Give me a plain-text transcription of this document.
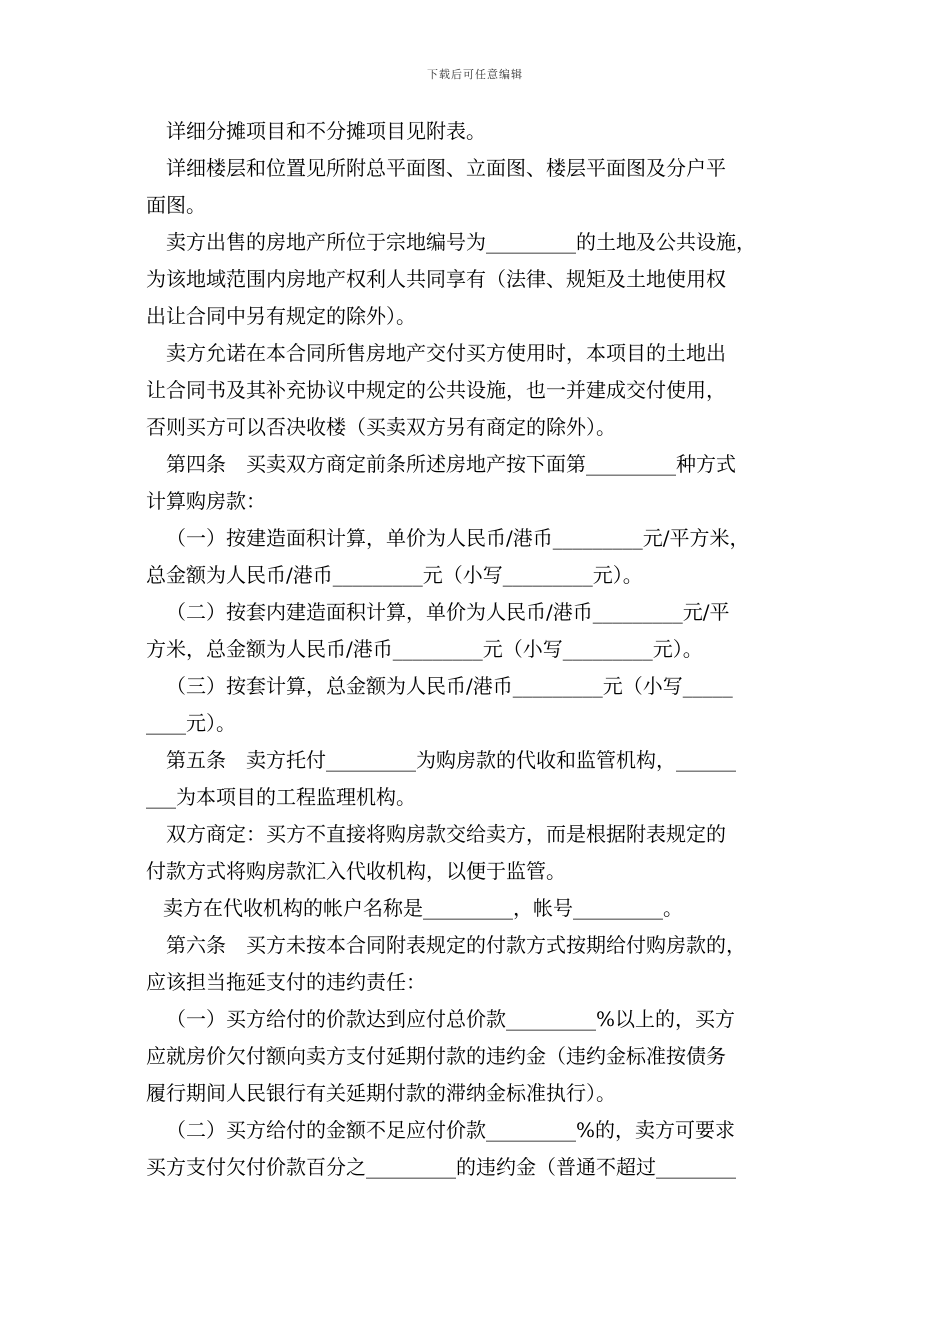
下载后可任意编辑
详细分摊项目和不分摊项目见附表。
详细楼层和位置见所附总平面图、立面图、楼层平面图及分户平
面图。
卖方出售的房地产所位于宗地编号为_________的土地及公共设施，
为该地域范围内房地产权利人共同享有（法律、规矩及土地使用权
出让合同中另有规定的除外）。
卖方允诺在本合同所售房地产交付买方使用时，本项目的土地出
让合同书及其补充协议中规定的公共设施，也一并建成交付使用，
否则买方可以否决收楼（买卖双方另有商定的除外）。
第四条　买卖双方商定前条所述房地产按下面第_________种方式
计算购房款：
（一）按建造面积计算，单价为人民币/港币_________元/平方米，
总金额为人民币/港币_________元（小写_________元）。
（二）按套内建造面积计算，单价为人民币/港币_________元/平
方米，总金额为人民币/港币_________元（小写_________元）。
（三）按套计算，总金额为人民币/港币_________元（小写_____
____元）。
第五条　卖方托付_________为购房款的代收和监管机构，______
___为本项目的工程监理机构。
双方商定：买方不直接将购房款交给卖方，而是根据附表规定的
付款方式将购房款汇入代收机构，以便于监管。
卖方在代收机构的帐户名称是_________，帐号_________。
第六条　买方未按本合同附表规定的付款方式按期给付购房款的，
应该担当拖延支付的违约责任：
（一）买方给付的价款达到应付总价款_________%以上的，买方
应就房价欠付额向卖方支付延期付款的违约金（违约金标准按债务
履行期间人民银行有关延期付款的滞纳金标准执行）。
（二）买方给付的金额不足应付价款_________%的，卖方可要求
买方支付欠付价款百分之_________的违约金（普通不超过________
